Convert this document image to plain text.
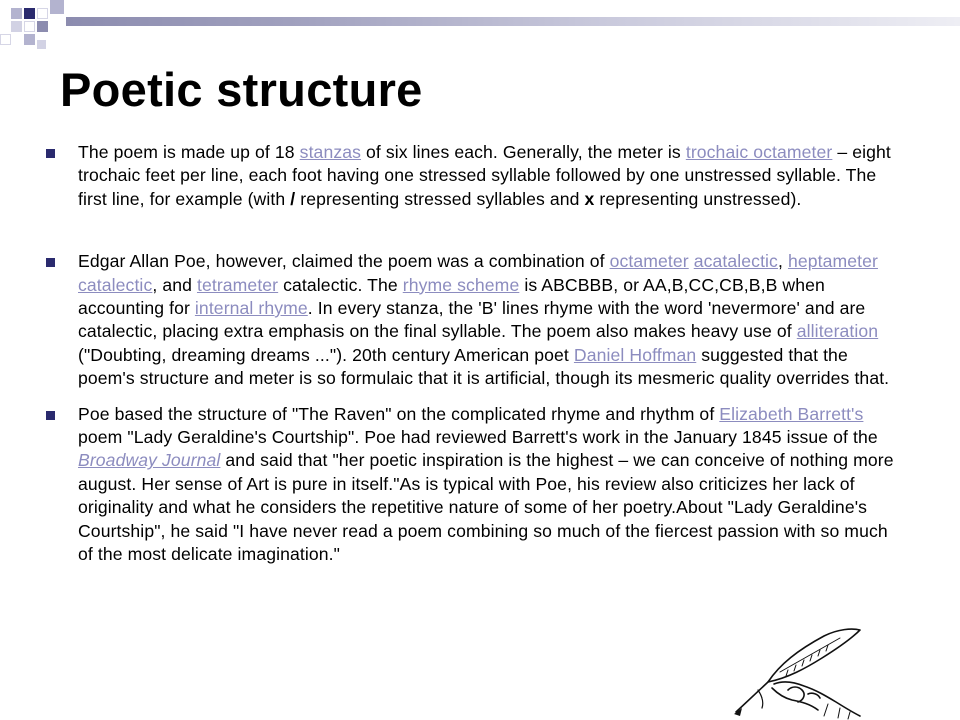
Poetic structure
The poem is made up of 18 stanzas of six lines each. Generally, the meter is trochaic octameter – eight trochaic feet per line, each foot having one stressed syllable followed by one unstressed syllable. The first line, for example (with / representing stressed syllables and x representing unstressed).
Edgar Allan Poe, however, claimed the poem was a combination of octameter acatalectic, heptameter catalectic, and tetrameter catalectic. The rhyme scheme is ABCBBB, or AA,B,CC,CB,B,B when accounting for internal rhyme. In every stanza, the 'B' lines rhyme with the word 'nevermore' and are catalectic, placing extra emphasis on the final syllable. The poem also makes heavy use of alliteration ("Doubting, dreaming dreams ..."). 20th century American poet Daniel Hoffman suggested that the poem's structure and meter is so formulaic that it is artificial, though its mesmeric quality overrides that.
Poe based the structure of "The Raven" on the complicated rhyme and rhythm of Elizabeth Barrett's poem "Lady Geraldine's Courtship". Poe had reviewed Barrett's work in the January 1845 issue of the Broadway Journal and said that "her poetic inspiration is the highest – we can conceive of nothing more august. Her sense of Art is pure in itself."As is typical with Poe, his review also criticizes her lack of originality and what he considers the repetitive nature of some of her poetry.About "Lady Geraldine's Courtship", he said "I have never read a poem combining so much of the fiercest passion with so much of the most delicate imagination."
